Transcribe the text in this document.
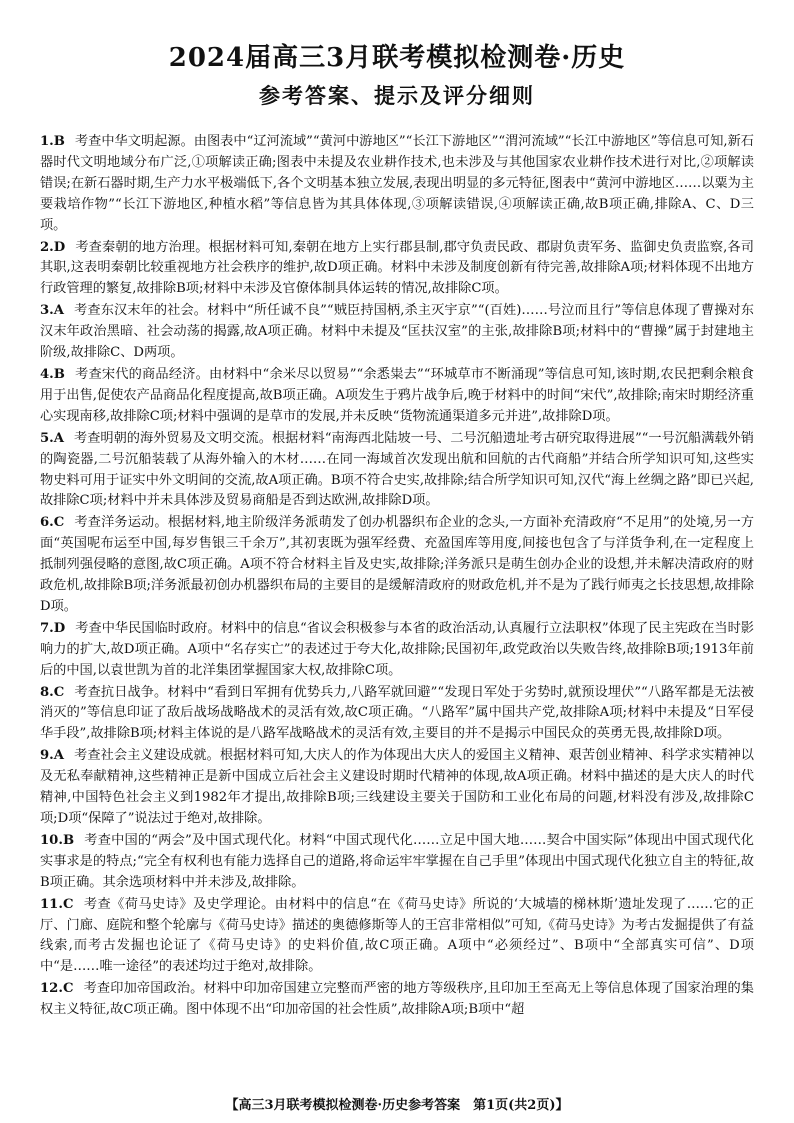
2024届高三3月联考模拟检测卷·历史
参考答案、提示及评分细则
1.B 考查中华文明起源。由图表中“辽河流域”“黄河中游地区”“长江下游地区”“渭河流域”“长江中游地区”等信息可知,新石器时代文明地域分布广泛,①项解读正确;图表中未提及农业耕作技术,也未涉及与其他国家农业耕作技术进行对比,②项解读错误;在新石器时期,生产力水平极端低下,各个文明基本独立发展,表现出明显的多元特征,图表中“黄河中游地区……以粟为主要栽培作物”“长江下游地区,种植水稻”等信息皆为其具体体现,③项解读错误,④项解读正确,故B项正确,排除A、C、D三项。
2.D 考查秦朝的地方治理。根据材料可知,秦朝在地方上实行郡县制,郡守负责民政、郡尉负责军务、监御史负责监察,各司其职,这表明秦朝比较重视地方社会秩序的维护,故D项正确。材料中未涉及制度创新有待完善,故排除A项;材料体现不出地方行政管理的繁复,故排除B项;材料中未涉及官僚体制具体运转的情况,故排除C项。
3.A 考查东汉末年的社会。材料中“所任诚不良”“贼臣持国柄,杀主灭宇京”“(百姓)……号泣而且行”等信息体现了曹操对东汉末年政治黑暗、社会动荡的揭露,故A项正确。材料中未提及“匡扶汉室”的主张,故排除B项;材料中的“曹操”属于封建地主阶级,故排除C、D两项。
4.B 考查宋代的商品经济。由材料中“余米尽以贸易”“余悉粜去”“环城草市不断涌现”等信息可知,该时期,农民把剩余粮食用于出售,促使农产品商品化程度提高,故B项正确。A项发生于鸦片战争后,晚于材料中的时间“宋代”,故排除;南宋时期经济重心实现南移,故排除C项;材料中强调的是草市的发展,并未反映“货物流通渠道多元并进”,故排除D项。
5.A 考查明朝的海外贸易及文明交流。根据材料“南海西北陆坡一号、二号沉船遗址考古研究取得进展”“一号沉船满载外销的陶瓷器,二号沉船装载了从海外输入的木材……在同一海域首次发现出航和回航的古代商船”并结合所学知识可知,这些实物史料可用于证实中外文明间的交流,故A项正确。B项不符合史实,故排除;结合所学知识可知,汉代“海上丝绸之路”即已兴起,故排除C项;材料中并未具体涉及贸易商船是否到达欧洲,故排除D项。
6.C 考查洋务运动。根据材料,地主阶级洋务派萌发了创办机器织布企业的念头,一方面补充清政府“不足用”的处境,另一方面“英国呢布运至中国,每岁售银三千余万”,其初衷既为强军经费、充盈国库等用度,间接也包含了与洋货争利,在一定程度上抵制列强侵略的意图,故C项正确。A项不符合材料主旨及史实,故排除;洋务派只是萌生创办企业的设想,并未解决清政府的财政危机,故排除B项;洋务派最初创办机器织布局的主要目的是缓解清政府的财政危机,并不是为了践行师夷之长技思想,故排除D项。
7.D 考查中华民国临时政府。材料中的信息“省议会积极参与本省的政治活动,认真履行立法职权”体现了民主宪政在当时影响力的扩大,故D项正确。A项中“名存实亡”的表述过于夸大化,故排除;民国初年,政党政治以失败告终,故排除B项;1913年前后的中国,以袁世凯为首的北洋集团掌握国家大权,故排除C项。
8.C 考查抗日战争。材料中“看到日军拥有优势兵力,八路军就回避”“发现日军处于劣势时,就预设埋伏”“八路军都是无法被消灭的”等信息印证了敌后战场战略战术的灵活有效,故C项正确。“八路军”属中国共产党,故排除A项;材料中未提及“日军侵华手段”,故排除B项;材料主体说的是八路军战略战术的灵活有效,主要目的并不是揭示中国民众的英勇无畏,故排除D项。
9.A 考查社会主义建设成就。根据材料可知,大庆人的作为体现出大庆人的爱国主义精神、艰苦创业精神、科学求实精神以及无私奉献精神,这些精神正是新中国成立后社会主义建设时期时代精神的体现,故A项正确。材料中描述的是大庆人的时代精神,中国特色社会主义到1982年才提出,故排除B项;三线建设主要关于国防和工业化布局的问题,材料没有涉及,故排除C项;D项“保障了”说法过于绝对,故排除。
10.B 考查中国的“两会”及中国式现代化。材料“中国式现代化……立足中国大地……契合中国实际”体现出中国式现代化实事求是的特点;“完全有权利也有能力选择自己的道路,将命运牢牢掌握在自己手里”体现出中国式现代化独立自主的特征,故B项正确。其余选项材料中并未涉及,故排除。
11.C 考查《荷马史诗》及史学理论。由材料中的信息“在《荷马史诗》所说的‘大城墙的梯林斯’遗址发现了……它的正厅、门廊、庭院和整个轮廓与《荷马史诗》描述的奥德修斯等人的王宫非常相似”可知,《荷马史诗》为考古发掘提供了有益线索,而考古发掘也论证了《荷马史诗》的史料价值,故C项正确。A项中“必须经过”、B项中“全部真实可信”、D项中“是……唯一途径”的表述均过于绝对,故排除。
12.C 考查印加帝国政治。材料中印加帝国建立完整而严密的地方等级秩序,且印加王至高无上等信息体现了国家治理的集权主义特征,故C项正确。图中体现不出“印加帝国的社会性质”,故排除A项;B项中“超
【高三3月联考模拟检测卷·历史参考答案　第1页(共2页)】
